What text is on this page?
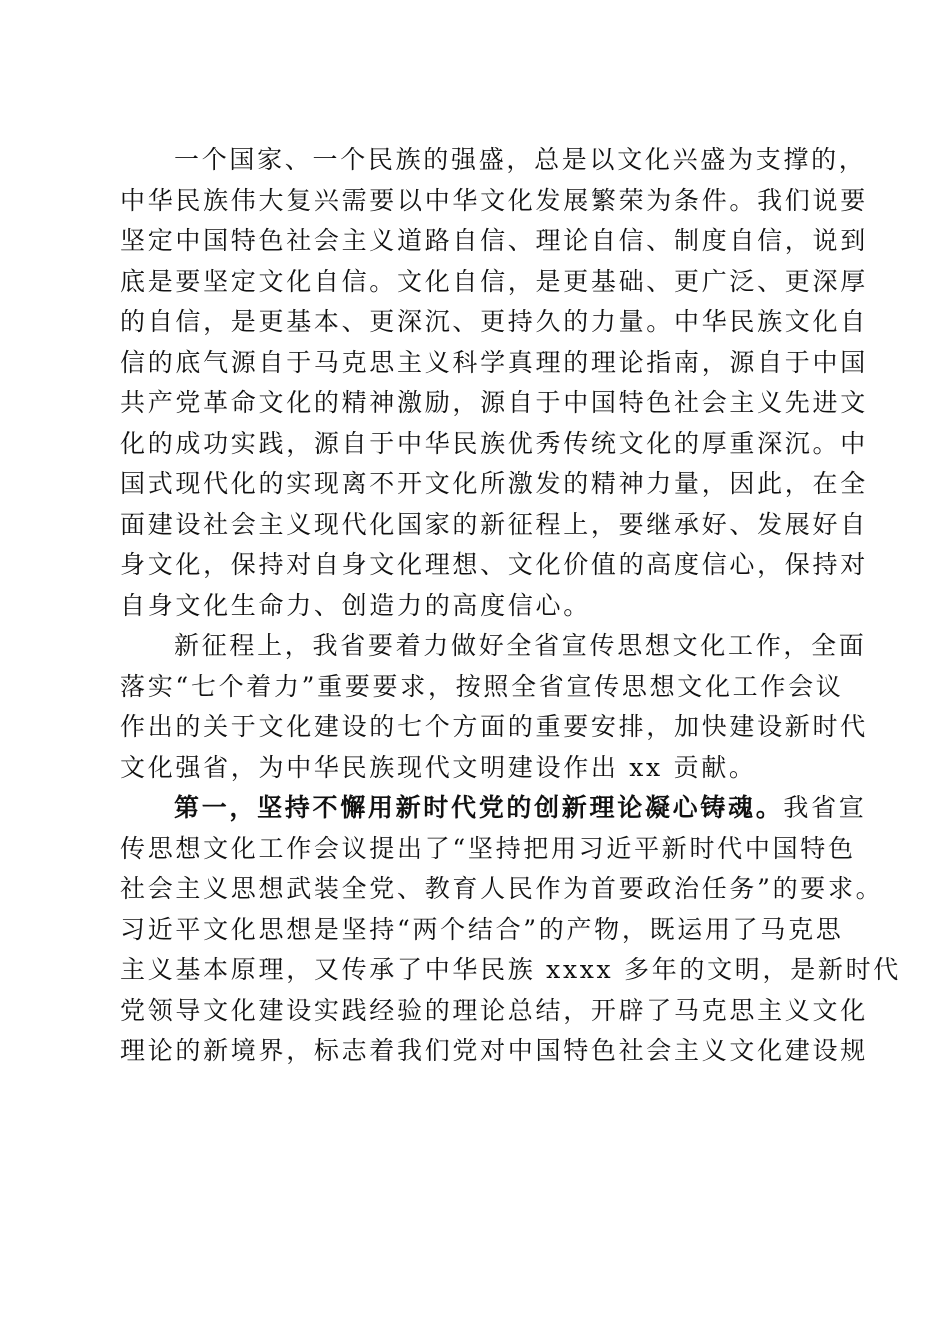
一个国家、一个民族的强盛，总是以文化兴盛为支撑的，
中华民族伟大复兴需要以中华文化发展繁荣为条件。我们说要
坚定中国特色社会主义道路自信、理论自信、制度自信，说到
底是要坚定文化自信。文化自信，是更基础、更广泛、更深厚
的自信，是更基本、更深沉、更持久的力量。中华民族文化自
信的底气源自于马克思主义科学真理的理论指南，源自于中国
共产党革命文化的精神激励，源自于中国特色社会主义先进文
化的成功实践，源自于中华民族优秀传统文化的厚重深沉。中
国式现代化的实现离不开文化所激发的精神力量，因此，在全
面建设社会主义现代化国家的新征程上，要继承好、发展好自
身文化，保持对自身文化理想、文化价值的高度信心，保持对
自身文化生命力、创造力的高度信心。
新征程上，我省要着力做好全省宣传思想文化工作，全面
落实“七个着力”重要要求，按照全省宣传思想文化工作会议
作出的关于文化建设的七个方面的重要安排，加快建设新时代
文化强省，为中华民族现代文明建设作出 xx 贡献。
第一，坚持不懈用新时代党的创新理论凝心铸魂。我省宣
传思想文化工作会议提出了“坚持把用习近平新时代中国特色
社会主义思想武装全党、教育人民作为首要政治任务”的要求。
习近平文化思想是坚持“两个结合”的产物，既运用了马克思
主义基本原理，又传承了中华民族 xxxx 多年的文明，是新时代
党领导文化建设实践经验的理论总结，开辟了马克思主义文化
理论的新境界，标志着我们党对中国特色社会主义文化建设规
